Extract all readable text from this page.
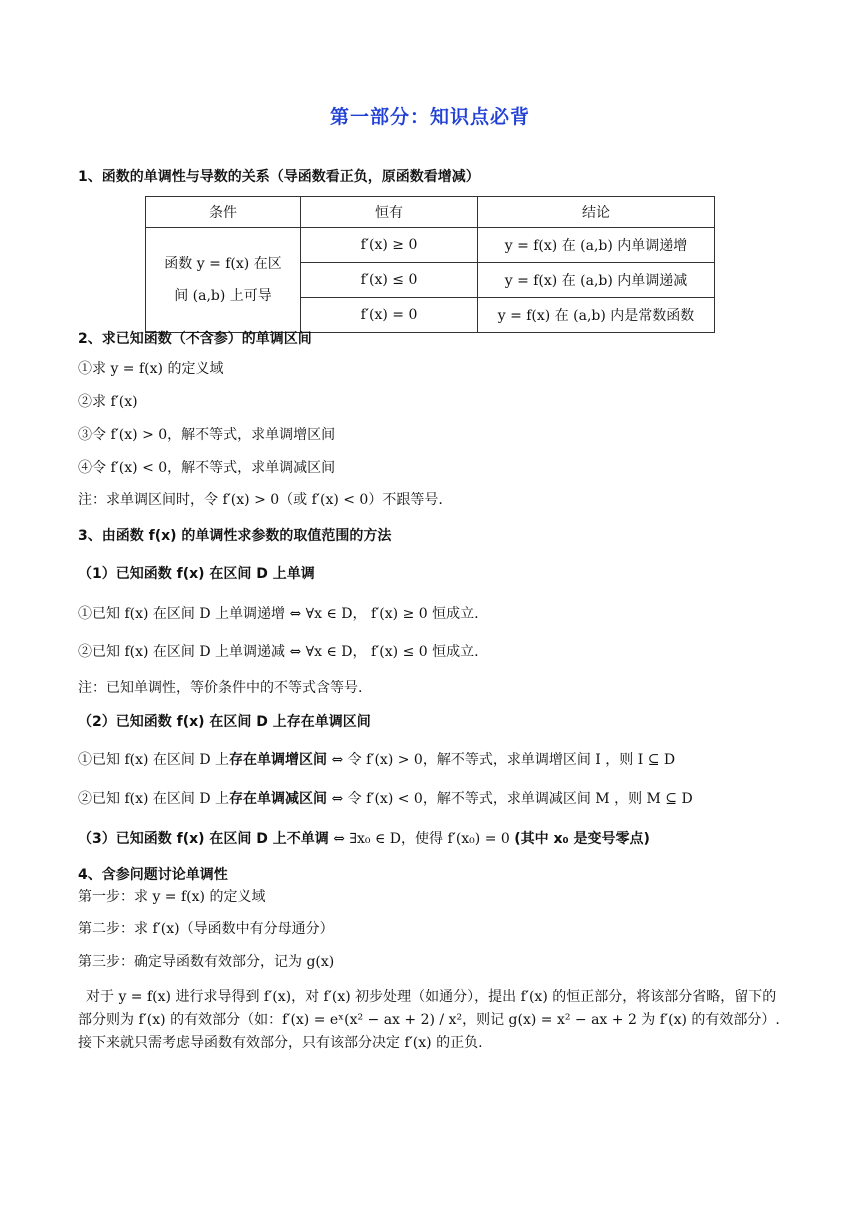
第一部分：知识点必背
1、函数的单调性与导数的关系（导函数看正负，原函数看增减）
条件	恒有	结论

函数 y = f(x) 在区
间 (a,b) 上可导	f′(x) ≥ 0	y = f(x) 在 (a,b) 内单调递增
	f′(x) ≤ 0	y = f(x) 在 (a,b) 内单调递减
	f′(x) = 0	y = f(x) 在 (a,b) 内是常数函数
2、求已知函数（不含参）的单调区间
①求 y = f(x) 的定义域
②求 f′(x)
③令 f′(x) > 0，解不等式，求单调增区间
④令 f′(x) < 0，解不等式，求单调减区间
注：求单调区间时，令 f′(x) > 0（或 f′(x) < 0）不跟等号.
3、由函数 f(x) 的单调性求参数的取值范围的方法
（1）已知函数 f(x) 在区间 D 上单调
①已知 f(x) 在区间 D 上单调递增 ⇔ ∀x ∈ D， f′(x) ≥ 0 恒成立.
②已知 f(x) 在区间 D 上单调递减 ⇔ ∀x ∈ D， f′(x) ≤ 0 恒成立.
注：已知单调性，等价条件中的不等式含等号.
（2）已知函数 f(x) 在区间 D 上存在单调区间
①已知 f(x) 在区间 D 上存在单调增区间 ⇔ 令 f′(x) > 0，解不等式，求单调增区间 I ，则 I ⊆ D
②已知 f(x) 在区间 D 上存在单调减区间 ⇔ 令 f′(x) < 0，解不等式，求单调减区间 M ，则 M ⊆ D
（3）已知函数 f(x) 在区间 D 上不单调 ⇔ ∃x₀ ∈ D，使得 f′(x₀) = 0 (其中 x₀ 是变号零点)
4、含参问题讨论单调性
第一步：求 y = f(x) 的定义域
第二步：求 f′(x)（导函数中有分母通分）
第三步：确定导函数有效部分，记为 g(x)
对于 y = f(x) 进行求导得到 f′(x)，对 f′(x) 初步处理（如通分），提出 f′(x) 的恒正部分，将该部分省略，留下的部分则为 f′(x) 的有效部分（如：f′(x) = eˣ(x² − ax + 2) / x²，则记 g(x) = x² − ax + 2 为 f′(x) 的有效部分）. 接下来就只需考虑导函数有效部分，只有该部分决定 f′(x) 的正负.
